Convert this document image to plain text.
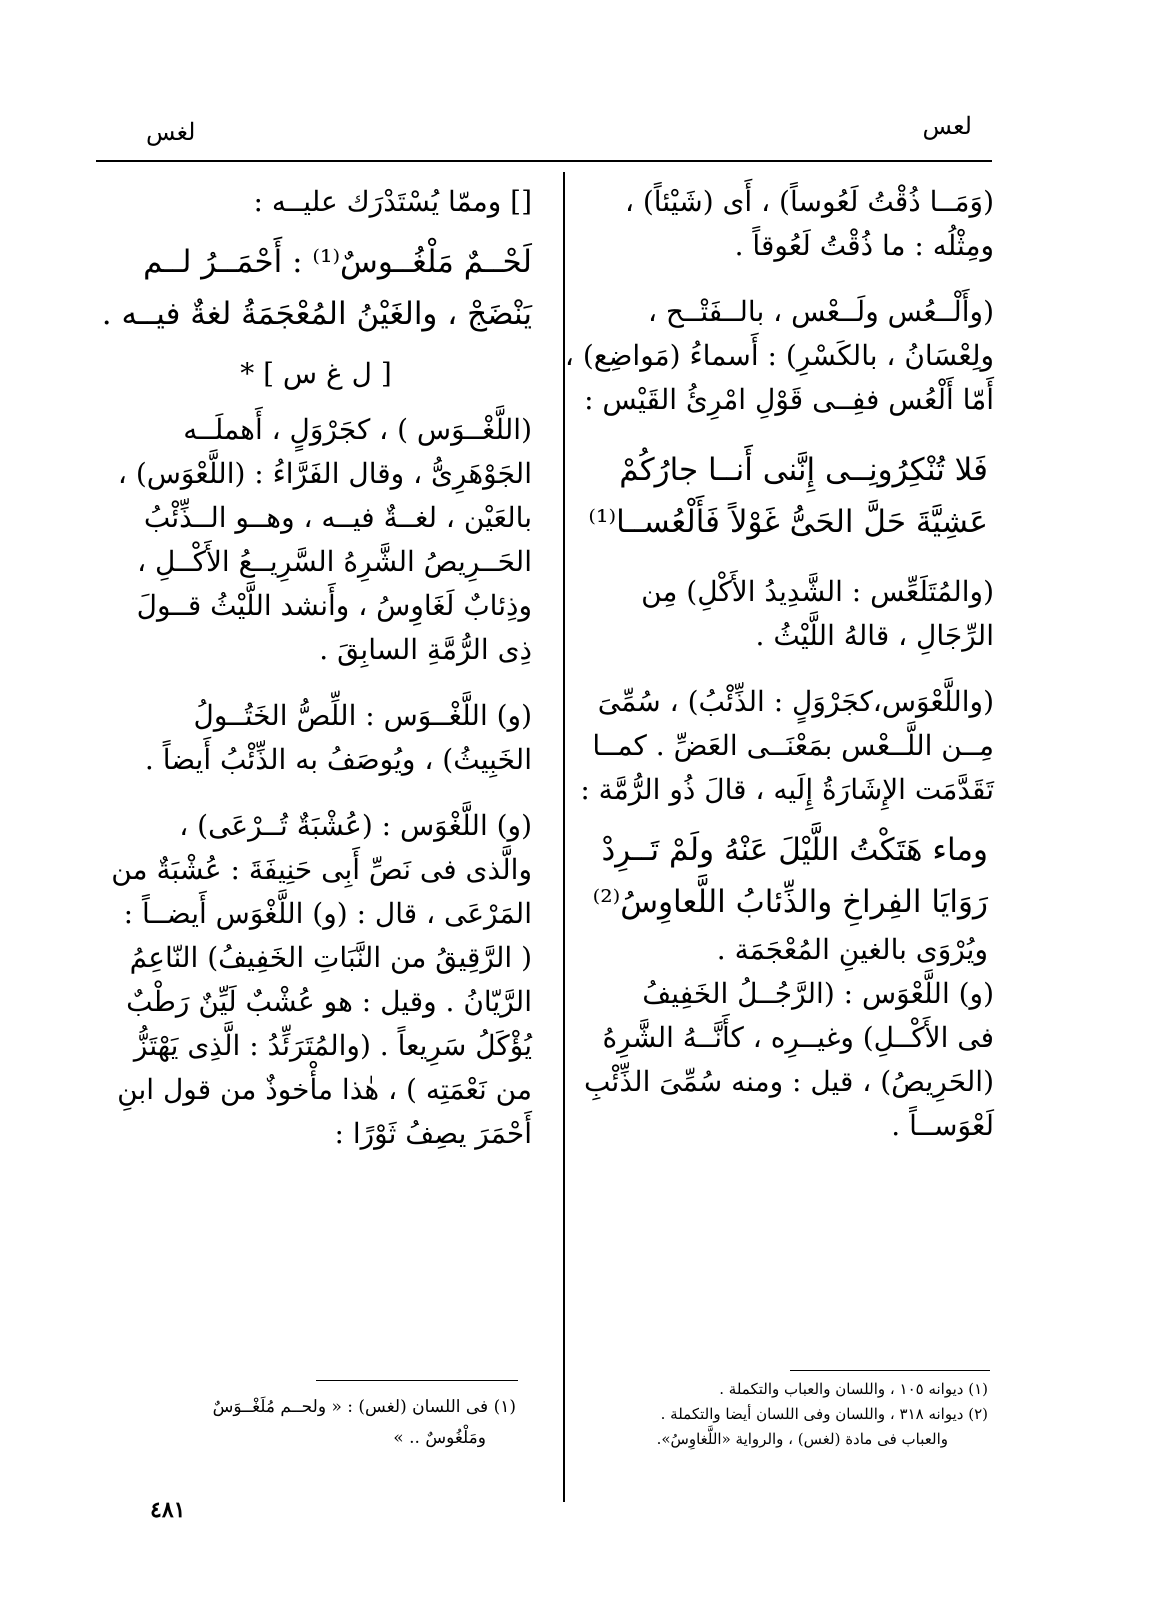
لغس	لعس
(وَمَــا ذُقْتُ لَعُوساً) ، أَى (شَيْئاً) ،
ومِثْلُه : ما ذُقْتُ لَعُوقاً .
(وأَلْــعُس ولَــعْس ، بالــفَتْــح ،
ولِعْسَانُ ، بالكَسْرِ) : أَسماءُ (مَواضِع) ،
أَمّا أَلْعُس ففِــى قَوْلِ امْرِئُ القَيْس :
فَلا تُنْكِرُونِــى إِنَّنى أَنــا جارُكُمْ
عَشِيَّةَ حَلَّ الحَىُّ غَوْلاً فَأَلْعُســا⁽¹⁾
(والمُتَلَعِّس : الشَّدِيدُ الأَكْلِ) مِن
الرِّجَالِ ، قالهُ اللَّيْثُ .
(واللَّعْوَس،كجَرْوَلٍ : الذِّئْبُ) ، سُمِّىَ
مِــن اللَّــعْس بمَعْنَــى العَضِّ . كمــا
تَقَدَّمَت الإِشَارَةُ إِلَيه ، قالَ ذُو الرُّمَّة :
وماء هَتَكْتُ اللَّيْلَ عَنْهُ ولَمْ تَــرِدْ
رَوَايَا الفِراخِ والذِّئابُ اللَّعاوِسُ⁽²⁾
ويُرْوَى بالغينِ المُعْجَمَة .
(و) اللَّعْوَس : (الرَّجُــلُ الخَفِيفُ
فى الأَكْــلِ) وغيــرِه ، كأَنَّــهُ الشَّرِهُ
(الحَرِيصُ) ، قيل : ومنه سُمِّىَ الذِّئْبِ
لَعْوَســاً .
[] وممّا يُسْتَدْرَك عليــه :
لَحْــمٌ مَلْغُــوسٌ⁽¹⁾ : أَحْمَــرُ لــم
يَنْضَجْ ، والغَيْنُ المُعْجَمَةُ لغةٌ فيــه .
[ ل غ س ] *
(اللَّغْــوَس ) ، كجَرْوَلٍ ، أَهملَــه
الجَوْهَرِىُّ ، وقال الفَرَّاءُ : (اللَّعْوَس) ،
بالعَيْن ، لغــةٌ فيــه ، وهــو الــذِّئْبُ
الحَــرِيصُ الشَّرِهُ السَّرِيــعُ الأَكْــلِ ،
وذِئابٌ لَغَاوِسُ ، وأَنشد اللَّيْثُ قــولَ
ذِى الرُّمَّةِ السابِقَ .
(و) اللَّغْــوَس : اللِّصُّ الخَتُــولُ
الخَبِيثُ) ، ويُوصَفُ به الذِّئْبُ أَيضاً .
(و) اللَّغْوَس : (عُشْبَةٌ تُــرْعَى) ،
والَّذى فى نَصِّ أَبِى حَنِيفَةَ : عُشْبَةٌ من
المَرْعَى ، قال : (و) اللَّغْوَس أَيضــاً :
( الرَّقِيقُ من النَّبَاتِ الخَفِيفُ) النّاعِمُ
الرَّيّانُ . وقيل : هو عُشْبٌ لَيِّنٌ رَطْبٌ
يُؤْكَلُ سَرِيعاً . (والمُتَرَئِّدُ : الَّذِى يَهْتَزُّ
من نَعْمَتِه ) ، هٰذا مأْخوذٌ من قول ابنِ
أَحْمَرَ يصِفُ ثَوْرًا :
(١) فى اللسان (لغس) : « ولحــم مُلَغْــوَسٌ
ومَلْغُوسٌ .. »
(١) ديوانه ١٠٥ ، واللسان والعباب والتكملة .
(٢) ديوانه ٣١٨ ، واللسان وفى اللسان أيضا والتكملة .
والعباب فى مادة (لغس) ، والرواية «اللَّغاوِسُ».
٤٨١
